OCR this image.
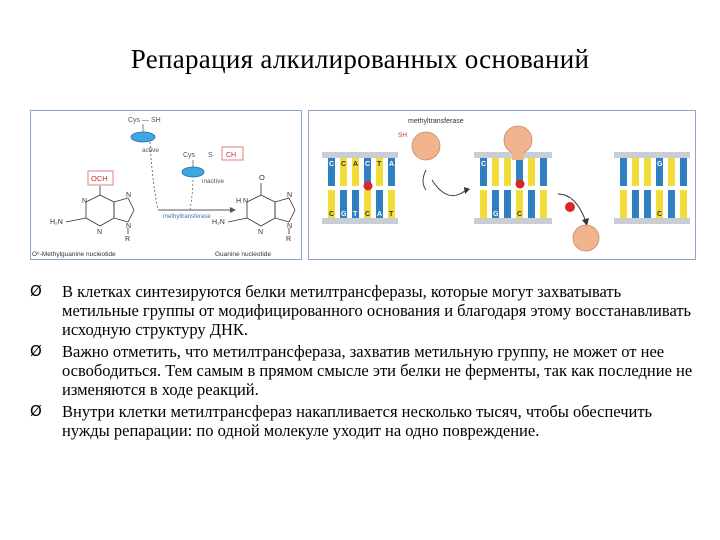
Репарация алкилированных оснований
Cys — SH
active
Cys S CH
inactive
methyltransferase
OCH
N
N
N
N
H₂N
R
O
H N
N
N
N
H₂N
R
O⁶-Methylguanine nucleotide	Guanine nucleotide
C C A C T A
C G T C A T
methyltransferase
SH
C
C
G	C
G
CH₃
Ø В клетках синтезируются белки метилтрансферазы, которые могут захватывать метильные группы от модифицированного основания и благодаря этому восстанавливать исходную структуру ДНК.
Ø Важно отметить, что метилтрансфераза, захватив метильную группу, не может от нее освободиться. Тем самым в прямом смысле эти белки не ферменты, так как последние не изменяются в ходе реакций.
Ø Внутри клетки метилтрансфераз накапливается несколько тысяч, чтобы обеспечить нужды репарации: по одной молекуле уходит на одно повреждение.
